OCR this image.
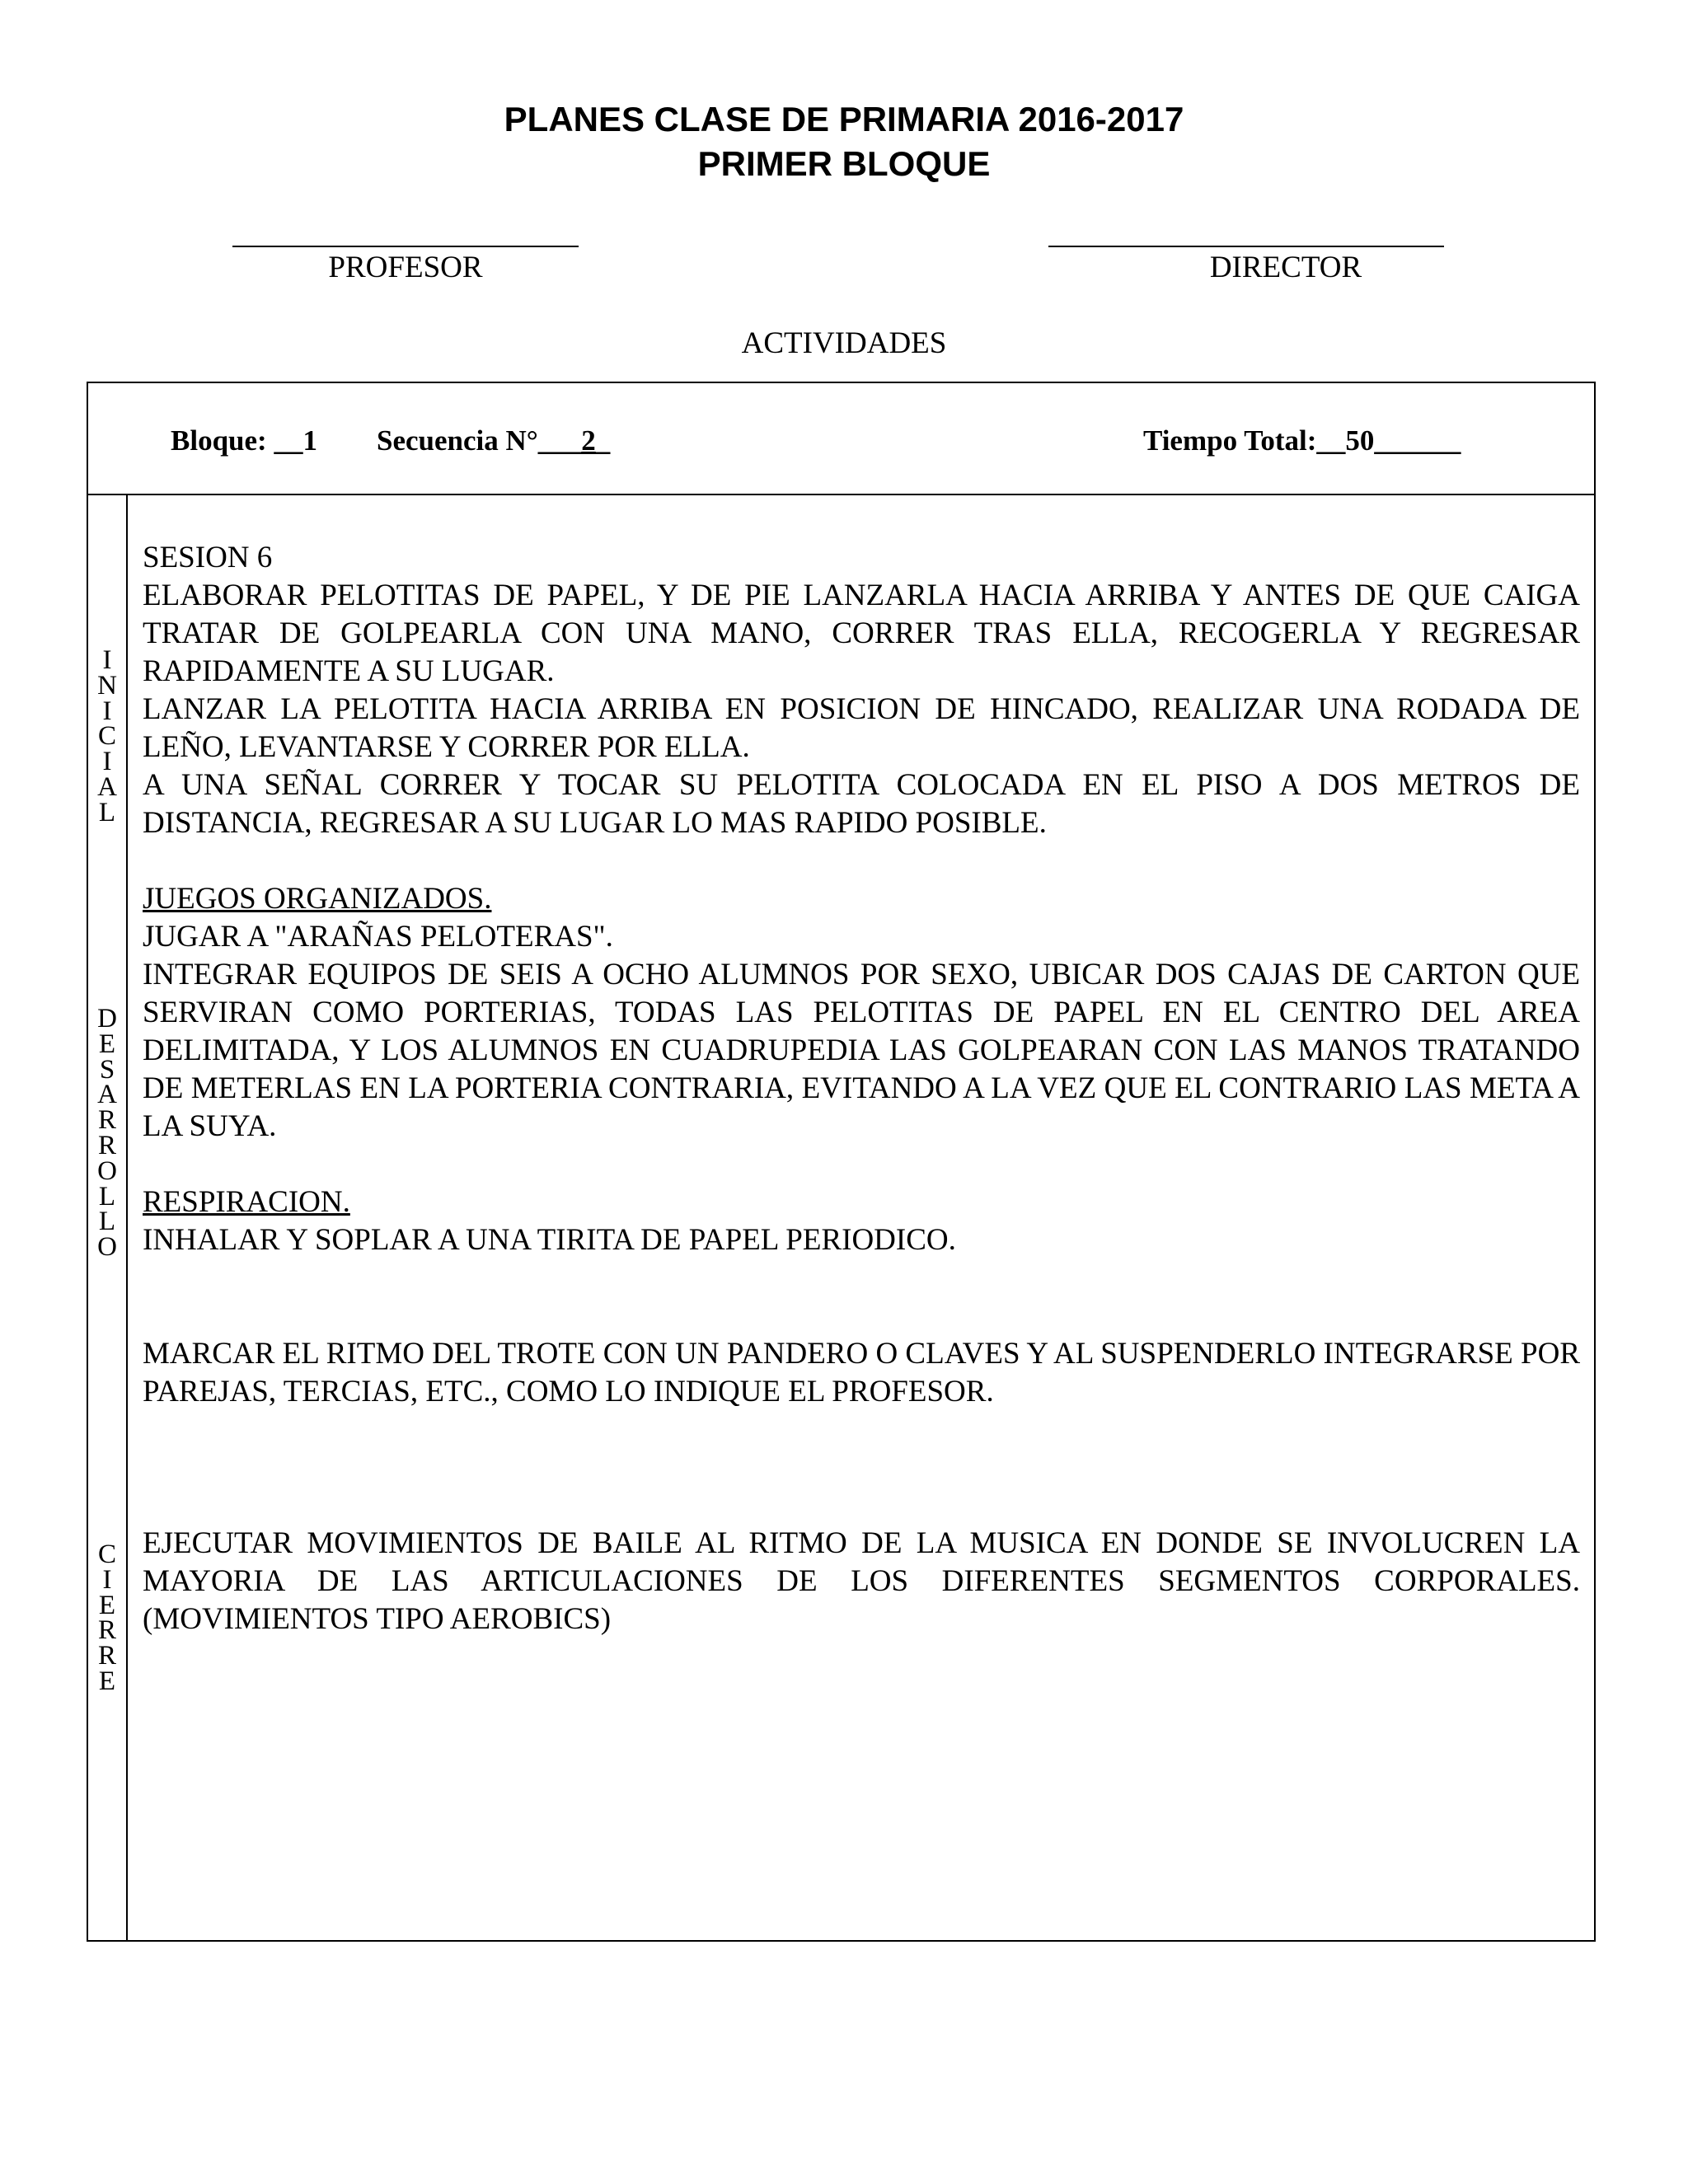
PLANES CLASE DE PRIMARIA 2016-2017
PRIMER BLOQUE
PROFESOR	DIRECTOR
ACTIVIDADES
Bloque: __1 Secuencia N°___2_	Tiempo Total:__50______
I
N
I
C
I
A
L
D
E
S
A
R
R
O
L
L
O
C
I
E
R
R
E

SESION 6

ELABORAR PELOTITAS DE PAPEL, Y DE PIE LANZARLA HACIA ARRIBA Y ANTES DE QUE CAIGA TRATAR DE GOLPEARLA CON UNA MANO, CORRER TRAS ELLA, RECOGERLA Y REGRESAR RAPIDAMENTE A SU LUGAR.

LANZAR LA PELOTITA HACIA ARRIBA EN POSICION DE HINCADO, REALIZAR UNA RODADA DE LEÑO, LEVANTARSE Y CORRER POR ELLA.

A UNA SEÑAL CORRER Y TOCAR SU PELOTITA COLOCADA EN EL PISO A DOS METROS DE DISTANCIA, REGRESAR A SU LUGAR LO MAS RAPIDO POSIBLE.

JUEGOS ORGANIZADOS.

JUGAR A "ARAÑAS PELOTERAS".

INTEGRAR EQUIPOS DE SEIS A OCHO ALUMNOS POR SEXO, UBICAR DOS CAJAS DE CARTON QUE SERVIRAN COMO PORTERIAS, TODAS LAS PELOTITAS DE PAPEL EN EL CENTRO DEL AREA DELIMITADA, Y LOS ALUMNOS EN CUADRUPEDIA LAS GOLPEARAN CON LAS MANOS TRATANDO DE METERLAS EN LA PORTERIA CONTRARIA, EVITANDO A LA VEZ QUE EL CONTRARIO LAS META A LA SUYA.

RESPIRACION.

INHALAR Y SOPLAR A UNA TIRITA DE PAPEL PERIODICO.

MARCAR EL RITMO DEL TROTE CON UN PANDERO O CLAVES Y AL SUSPENDERLO INTEGRARSE POR PAREJAS, TERCIAS, ETC., COMO LO INDIQUE EL PROFESOR.

EJECUTAR MOVIMIENTOS DE BAILE AL RITMO DE LA MUSICA EN DONDE SE INVOLUCREN LA MAYORIA DE LAS ARTICULACIONES DE LOS DIFERENTES SEGMENTOS CORPORALES. (MOVIMIENTOS TIPO AEROBICS)
